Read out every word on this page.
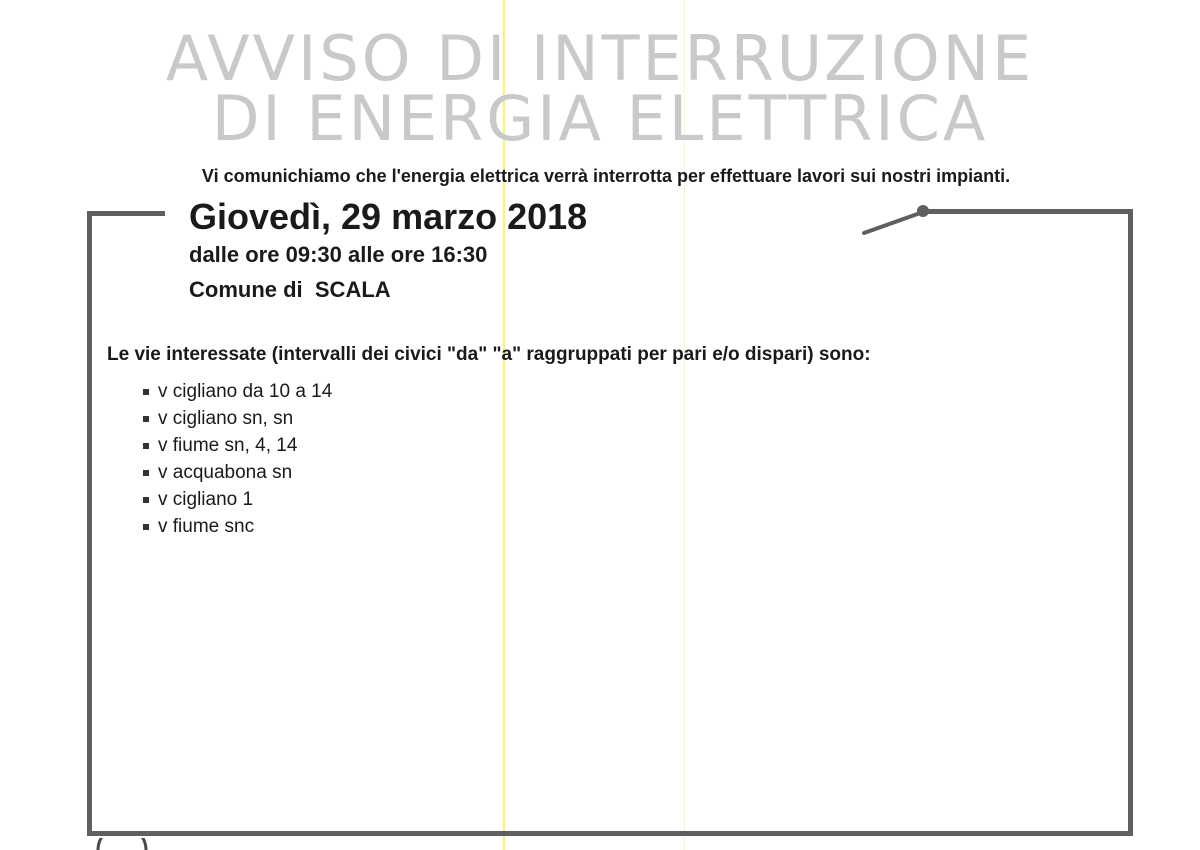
AVVISO DI INTERRUZIONE
DI ENERGIA ELETTRICA
Vi comunichiamo che l'energia elettrica verrà interrotta per effettuare lavori sui nostri impianti.
Giovedì, 29 marzo 2018
dalle ore 09:30 alle ore 16:30
Comune di  SCALA
Le vie interessate (intervalli dei civici "da" "a" raggruppati per pari e/o dispari) sono:
v cigliano da 10 a 14
v cigliano sn, sn
v fiume sn, 4, 14
v acquabona sn
v cigliano 1
v fiume snc
